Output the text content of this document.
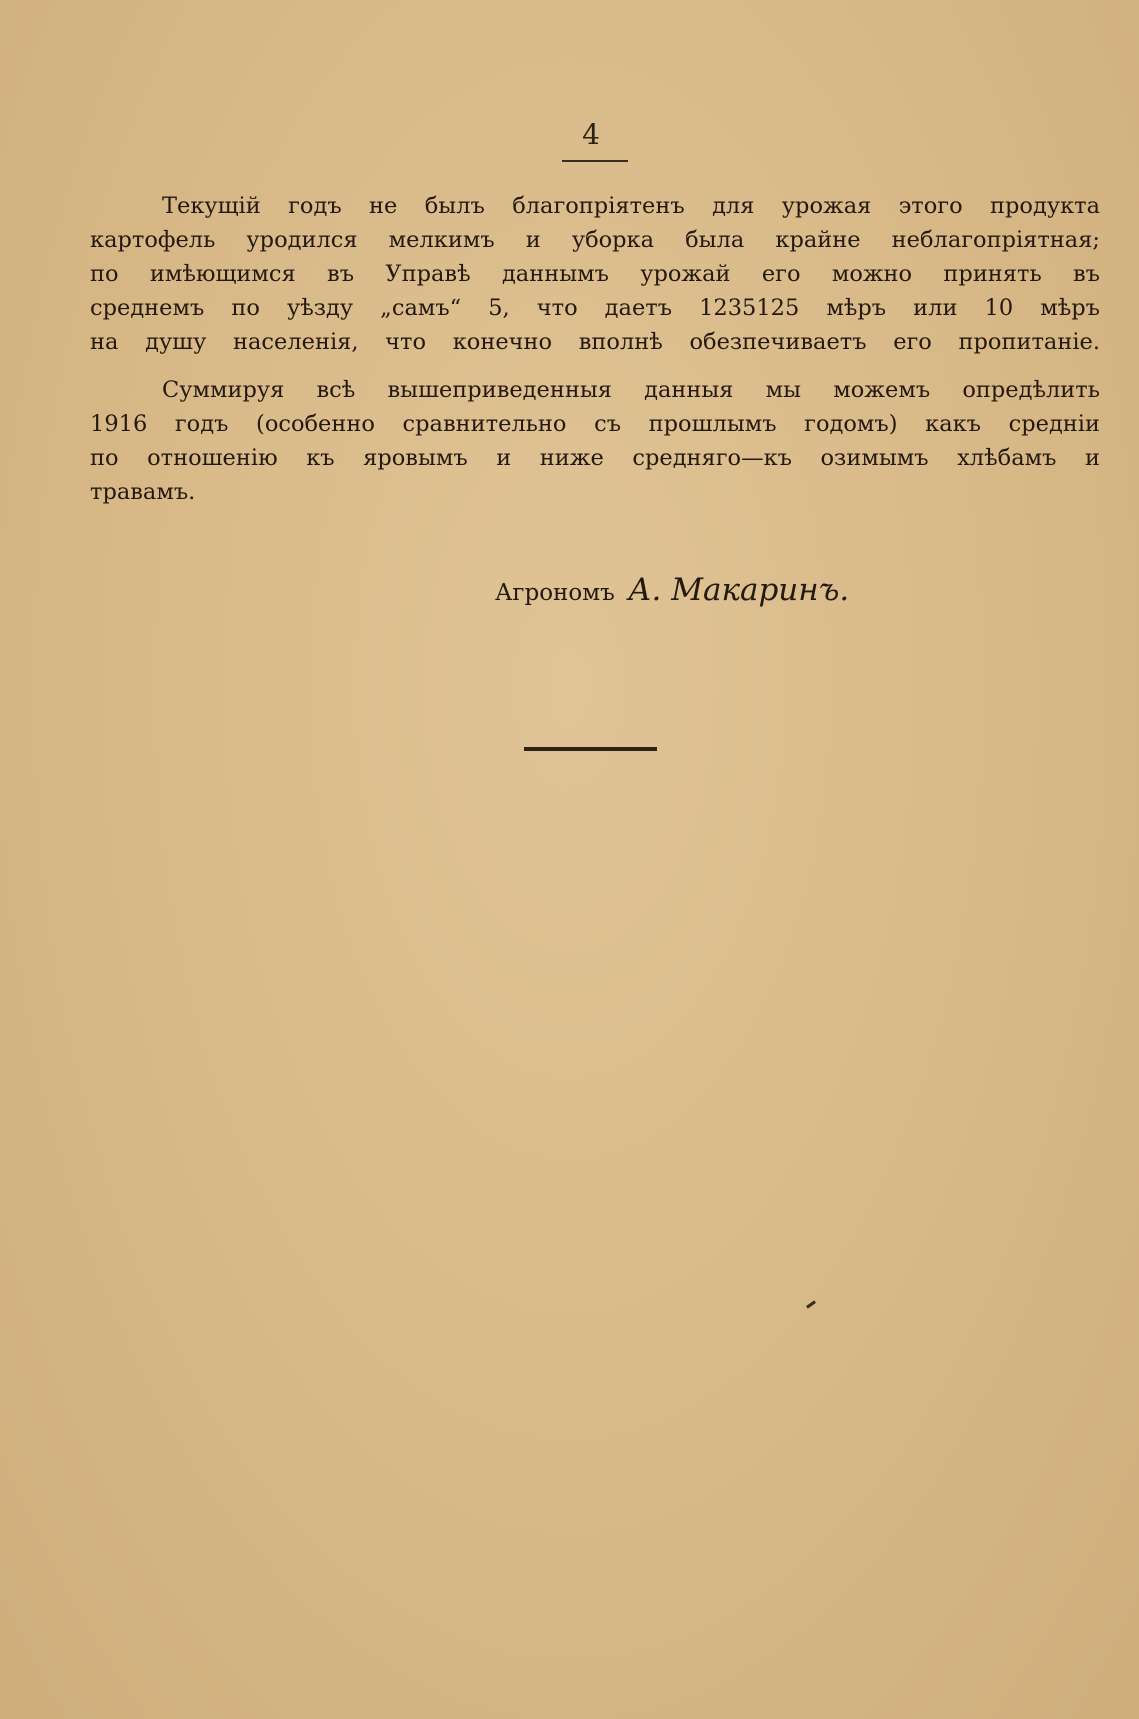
4
Текущій годъ не былъ благопріятенъ для урожая этого продукта
картофель уродился мелкимъ и уборка была крайне неблагопріятная;
по имѣющимся въ Управѣ даннымъ урожай его можно принять въ
среднемъ по уѣзду „самъ“ 5, что даетъ 1235125 мѣръ или 10 мѣръ
на душу населенія, что конечно вполнѣ обезпечиваетъ его пропитаніе.
Суммируя всѣ вышеприведенныя данныя мы можемъ опредѣлить
1916 годъ (особенно сравнительно съ прошлымъ годомъ) какъ средніи
по отношенію къ яровымъ и ниже средняго—къ озимымъ хлѣбамъ и
травамъ.
Агрономъ А. Макаринъ.
